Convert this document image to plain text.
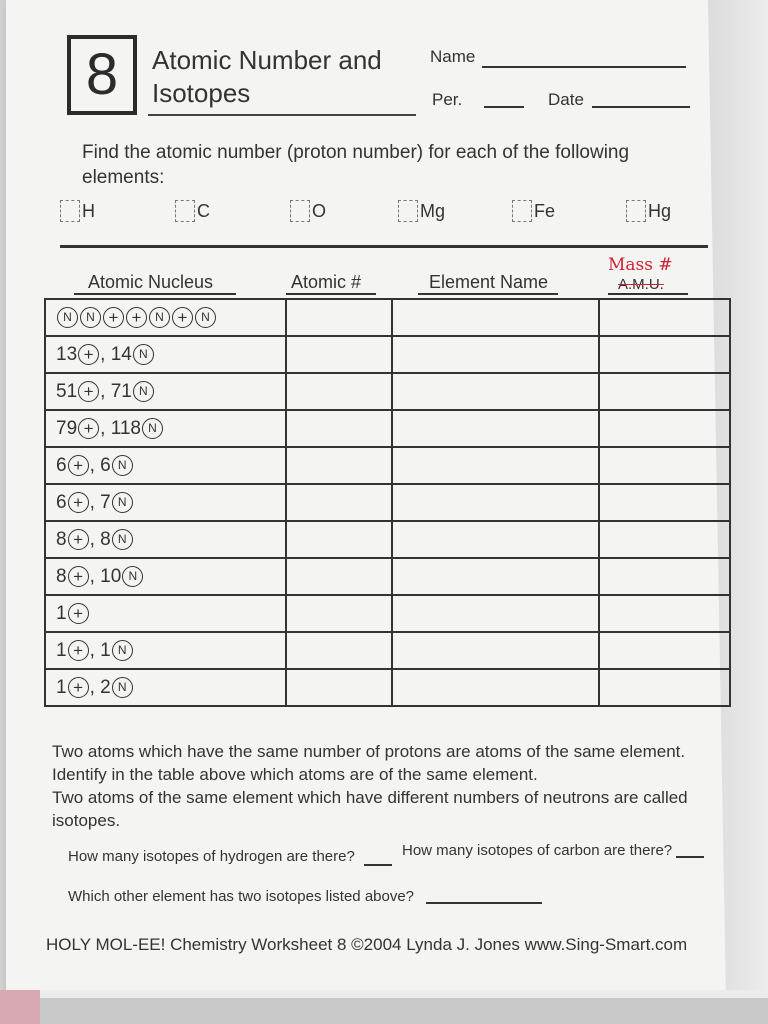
8	Atomic Number and
Isotopes
Name
Per.	Date
Find the atomic number (proton number) for each of the following elements:
H	C	O	Mg	Fe	Hg
Atomic Nucleus	Atomic #	Element Name
Mass #
A.M.U.
N N + + N + N			
13 + , 14 N			
51 + , 71 N			
79 + , 118 N			
6 + , 6 N			
6 + , 7 N			
8 + , 8 N			
8 + , 10 N			
1 +			
1 + , 1 N			
1 + , 2 N			
Two atoms which have the same number of protons are atoms of the same element. Identify in the table above which atoms are of the same element.
Two atoms of the same element which have different numbers of neutrons are called isotopes.
How many isotopes of hydrogen are there?	How many isotopes of carbon are there?
Which other element has two isotopes listed above?
HOLY MOL-EE! Chemistry Worksheet 8 ©2004 Lynda J. Jones www.Sing-Smart.com
